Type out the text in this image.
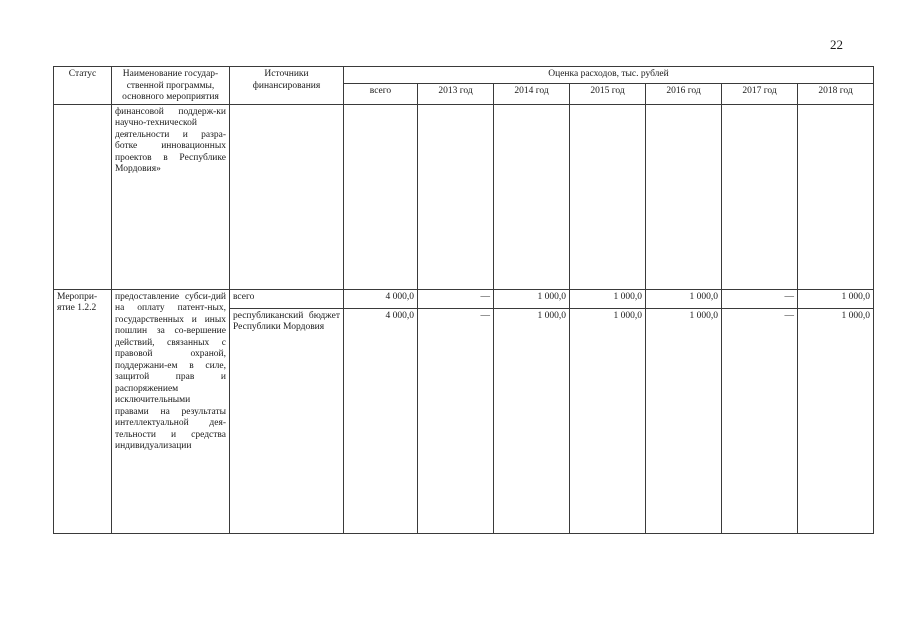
22
Статус	Наименование государ-ственной программы, основного мероприятия	Источники финансирования	Оценка расходов, тыс. рублей						
			всего	2013 год	2014 год	2015 год	2016 год	2017 год	2018 год
	финансовой поддерж-ки научно-технической деятельности и разра-ботке инновационных проектов в Республике Мордовия»								
Меропри-ятие 1.2.2	предоставление субси-дий на оплату патент-ных, государственных и иных пошлин за со-вершение действий, связанных с правовой охраной, поддержани-ем в силе, защитой прав и распоряжением исключительными правами на результаты интеллектуальной дея-тельности и средства индивидуализации	всего	4 000,0	—	1 000,0	1 000,0	1 000,0	—	1 000,0
		республиканский бюджет Республики Мордовия	4 000,0	—	1 000,0	1 000,0	1 000,0	—	1 000,0
